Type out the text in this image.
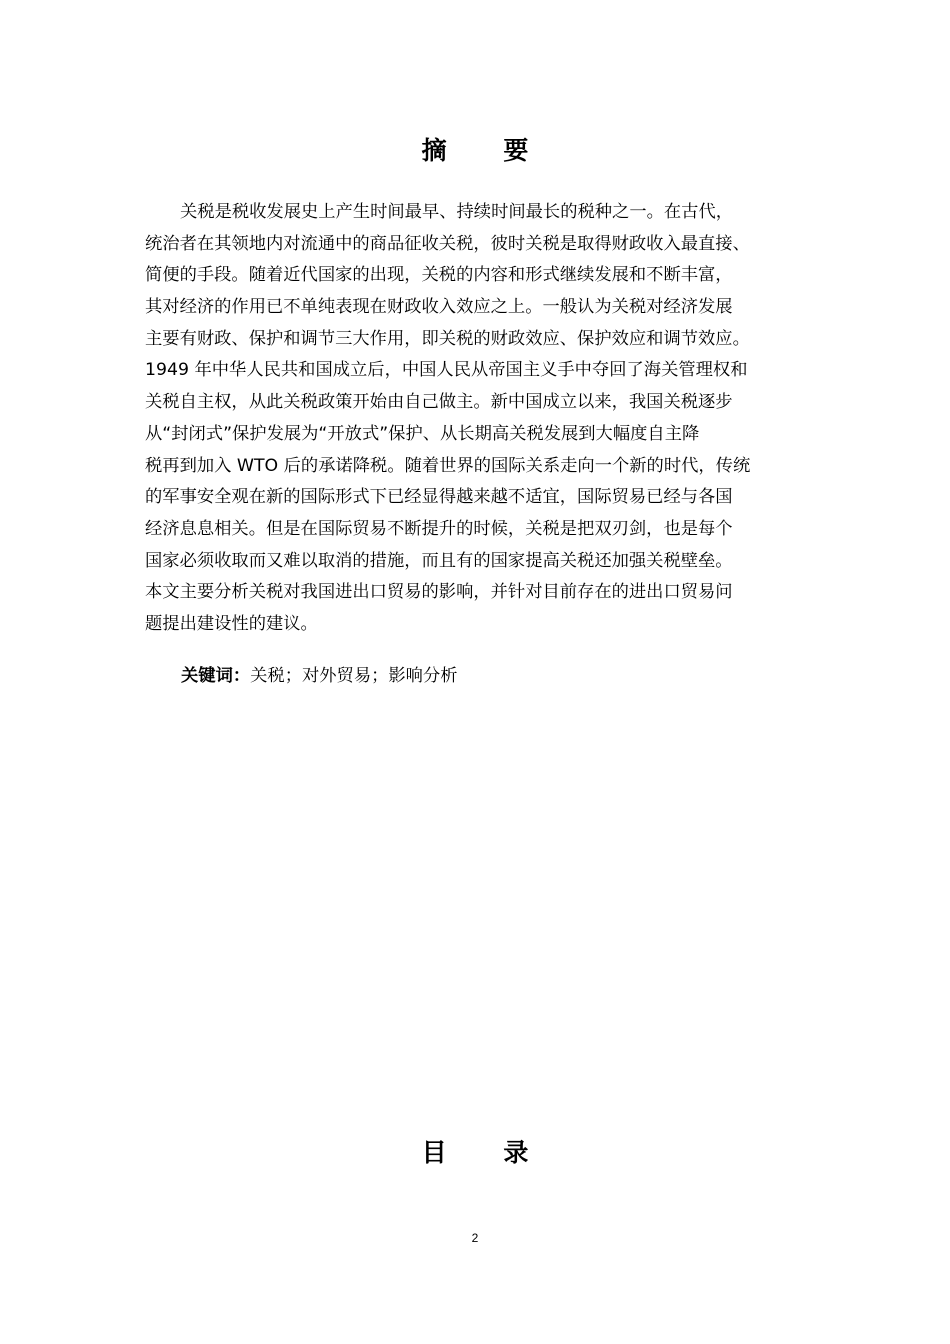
摘 要
关税是税收发展史上产生时间最早、持续时间最长的税种之一。在古代，
统治者在其领地内对流通中的商品征收关税，彼时关税是取得财政收入最直接、
简便的手段。随着近代国家的出现，关税的内容和形式继续发展和不断丰富，
其对经济的作用已不单纯表现在财政收入效应之上。一般认为关税对经济发展
主要有财政、保护和调节三大作用，即关税的财政效应、保护效应和调节效应。
1949 年中华人民共和国成立后，中国人民从帝国主义手中夺回了海关管理权和
关税自主权，从此关税政策开始由自己做主。新中国成立以来，我国关税逐步
从“封闭式”保护发展为“开放式”保护、从长期高关税发展到大幅度自主降
税再到加入 WTO 后的承诺降税。随着世界的国际关系走向一个新的时代，传统
的军事安全观在新的国际形式下已经显得越来越不适宜，国际贸易已经与各国
经济息息相关。但是在国际贸易不断提升的时候，关税是把双刃剑，也是每个
国家必须收取而又难以取消的措施，而且有的国家提高关税还加强关税壁垒。
本文主要分析关税对我国进出口贸易的影响，并针对目前存在的进出口贸易问
题提出建设性的建议。
关键词：关税；对外贸易；影响分析
目 录
2
